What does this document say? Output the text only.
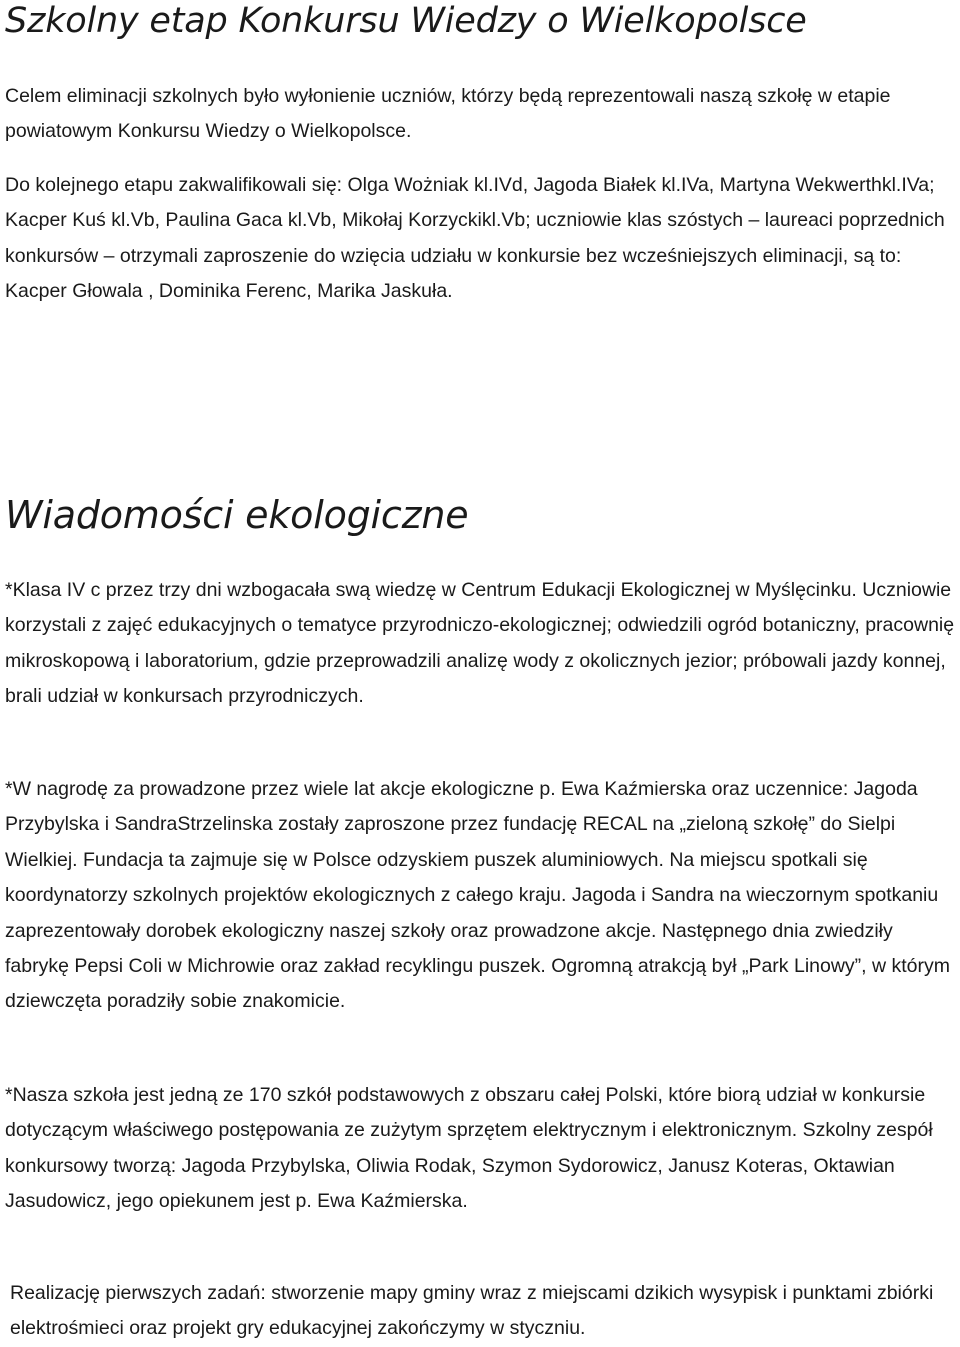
Szkolny etap Konkursu Wiedzy o Wielkopolsce

Celem eliminacji szkolnych było wyłonienie uczniów, którzy będą reprezentowali naszą szkołę w etapie powiatowym Konkursu Wiedzy o Wielkopolsce.

Do kolejnego etapu zakwalifikowali się: Olga Wożniak kl.IVd, Jagoda Białek kl.IVa, Martyna Wekwerthkl.IVa; Kacper Kuś kl.Vb, Paulina Gaca kl.Vb, Mikołaj Korzyckikl.Vb; uczniowie klas szóstych – laureaci poprzednich konkursów – otrzymali zaproszenie do wzięcia udziału w konkursie bez wcześniejszych eliminacji, są to: Kacper Głowala , Dominika Ferenc, Marika Jaskuła.

Wiadomości ekologiczne

*Klasa IV c przez trzy dni wzbogacała swą wiedzę w Centrum Edukacji Ekologicznej w Myślęcinku. Uczniowie korzystali z zajęć edukacyjnych o tematyce przyrodniczo-ekologicznej; odwiedzili ogród botaniczny, pracownię mikroskopową i laboratorium, gdzie przeprowadzili analizę wody z okolicznych jezior; próbowali jazdy konnej, brali udział w konkursach przyrodniczych.

*W nagrodę za prowadzone przez wiele lat akcje ekologiczne p. Ewa Kaźmierska oraz uczennice: Jagoda Przybylska i SandraStrzelinska zostały zaproszone przez fundację RECAL na „zieloną szkołę” do Sielpi Wielkiej. Fundacja ta zajmuje się w Polsce odzyskiem puszek aluminiowych. Na miejscu spotkali się koordynatorzy szkolnych projektów ekologicznych z całego kraju. Jagoda i Sandra na wieczornym spotkaniu zaprezentowały dorobek ekologiczny naszej szkoły oraz prowadzone akcje. Następnego dnia zwiedziły fabrykę Pepsi Coli w Michrowie oraz zakład recyklingu puszek. Ogromną atrakcją był „Park Linowy”, w którym dziewczęta poradziły sobie znakomicie.

*Nasza szkoła jest jedną ze 170 szkół podstawowych z obszaru całej Polski, które biorą udział w konkursie dotyczącym właściwego postępowania ze zużytym sprzętem elektrycznym i elektronicznym. Szkolny zespół konkursowy tworzą: Jagoda Przybylska, Oliwia Rodak, Szymon Sydorowicz, Janusz Koteras, Oktawian Jasudowicz, jego opiekunem jest p. Ewa Kaźmierska.

Realizację pierwszych zadań: stworzenie mapy gminy wraz z miejscami dzikich wysypisk i punktami zbiórki elektrośmieci oraz projekt gry edukacyjnej zakończymy w styczniu.
